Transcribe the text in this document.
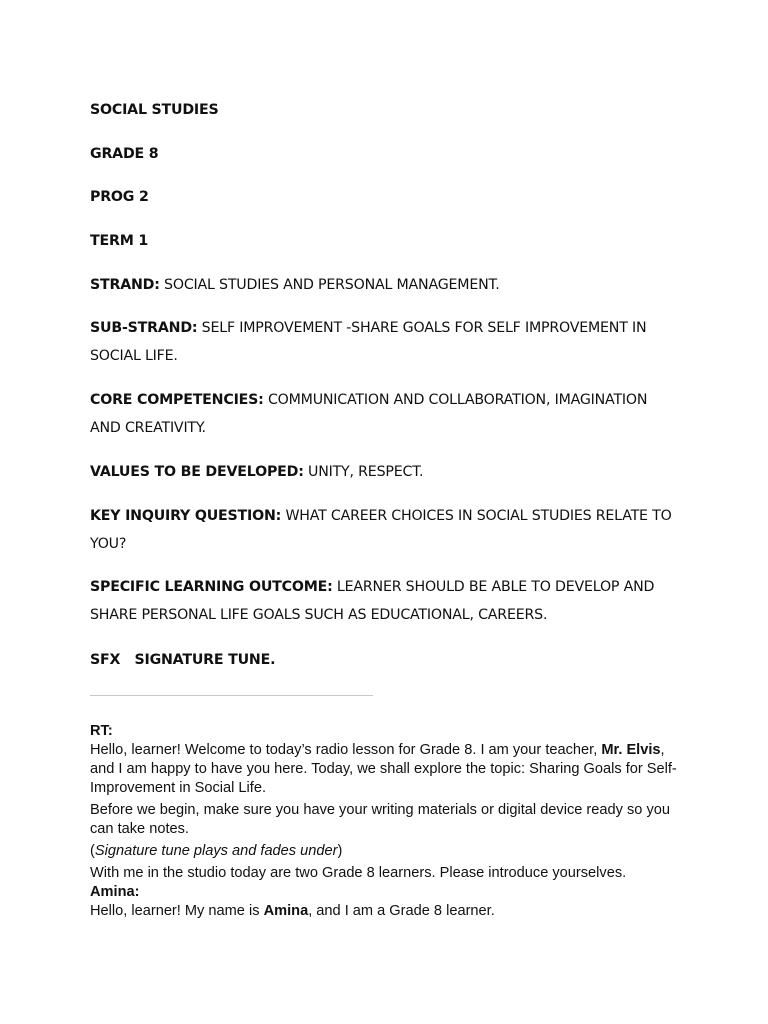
SOCIAL STUDIES

GRADE 8

PROG 2

TERM 1

STRAND: SOCIAL STUDIES AND PERSONAL MANAGEMENT.

SUB-STRAND: SELF IMPROVEMENT -SHARE GOALS FOR SELF IMPROVEMENT IN SOCIAL LIFE.

CORE COMPETENCIES: COMMUNICATION AND COLLABORATION, IMAGINATION AND CREATIVITY.

VALUES TO BE DEVELOPED: UNITY, RESPECT.

KEY INQUIRY QUESTION: WHAT CAREER CHOICES IN SOCIAL STUDIES RELATE TO YOU?

SPECIFIC LEARNING OUTCOME: LEARNER SHOULD BE ABLE TO DEVELOP AND SHARE PERSONAL LIFE GOALS SUCH AS EDUCATIONAL, CAREERS.

SFX   SIGNATURE TUNE.

RT:

Hello, learner! Welcome to today’s radio lesson for Grade 8. I am your teacher, Mr. Elvis, and I am happy to have you here. Today, we shall explore the topic: Sharing Goals for Self-Improvement in Social Life.

Before we begin, make sure you have your writing materials or digital device ready so you can take notes.

(Signature tune plays and fades under)

With me in the studio today are two Grade 8 learners. Please introduce yourselves.

Amina:

Hello, learner! My name is Amina, and I am a Grade 8 learner.
